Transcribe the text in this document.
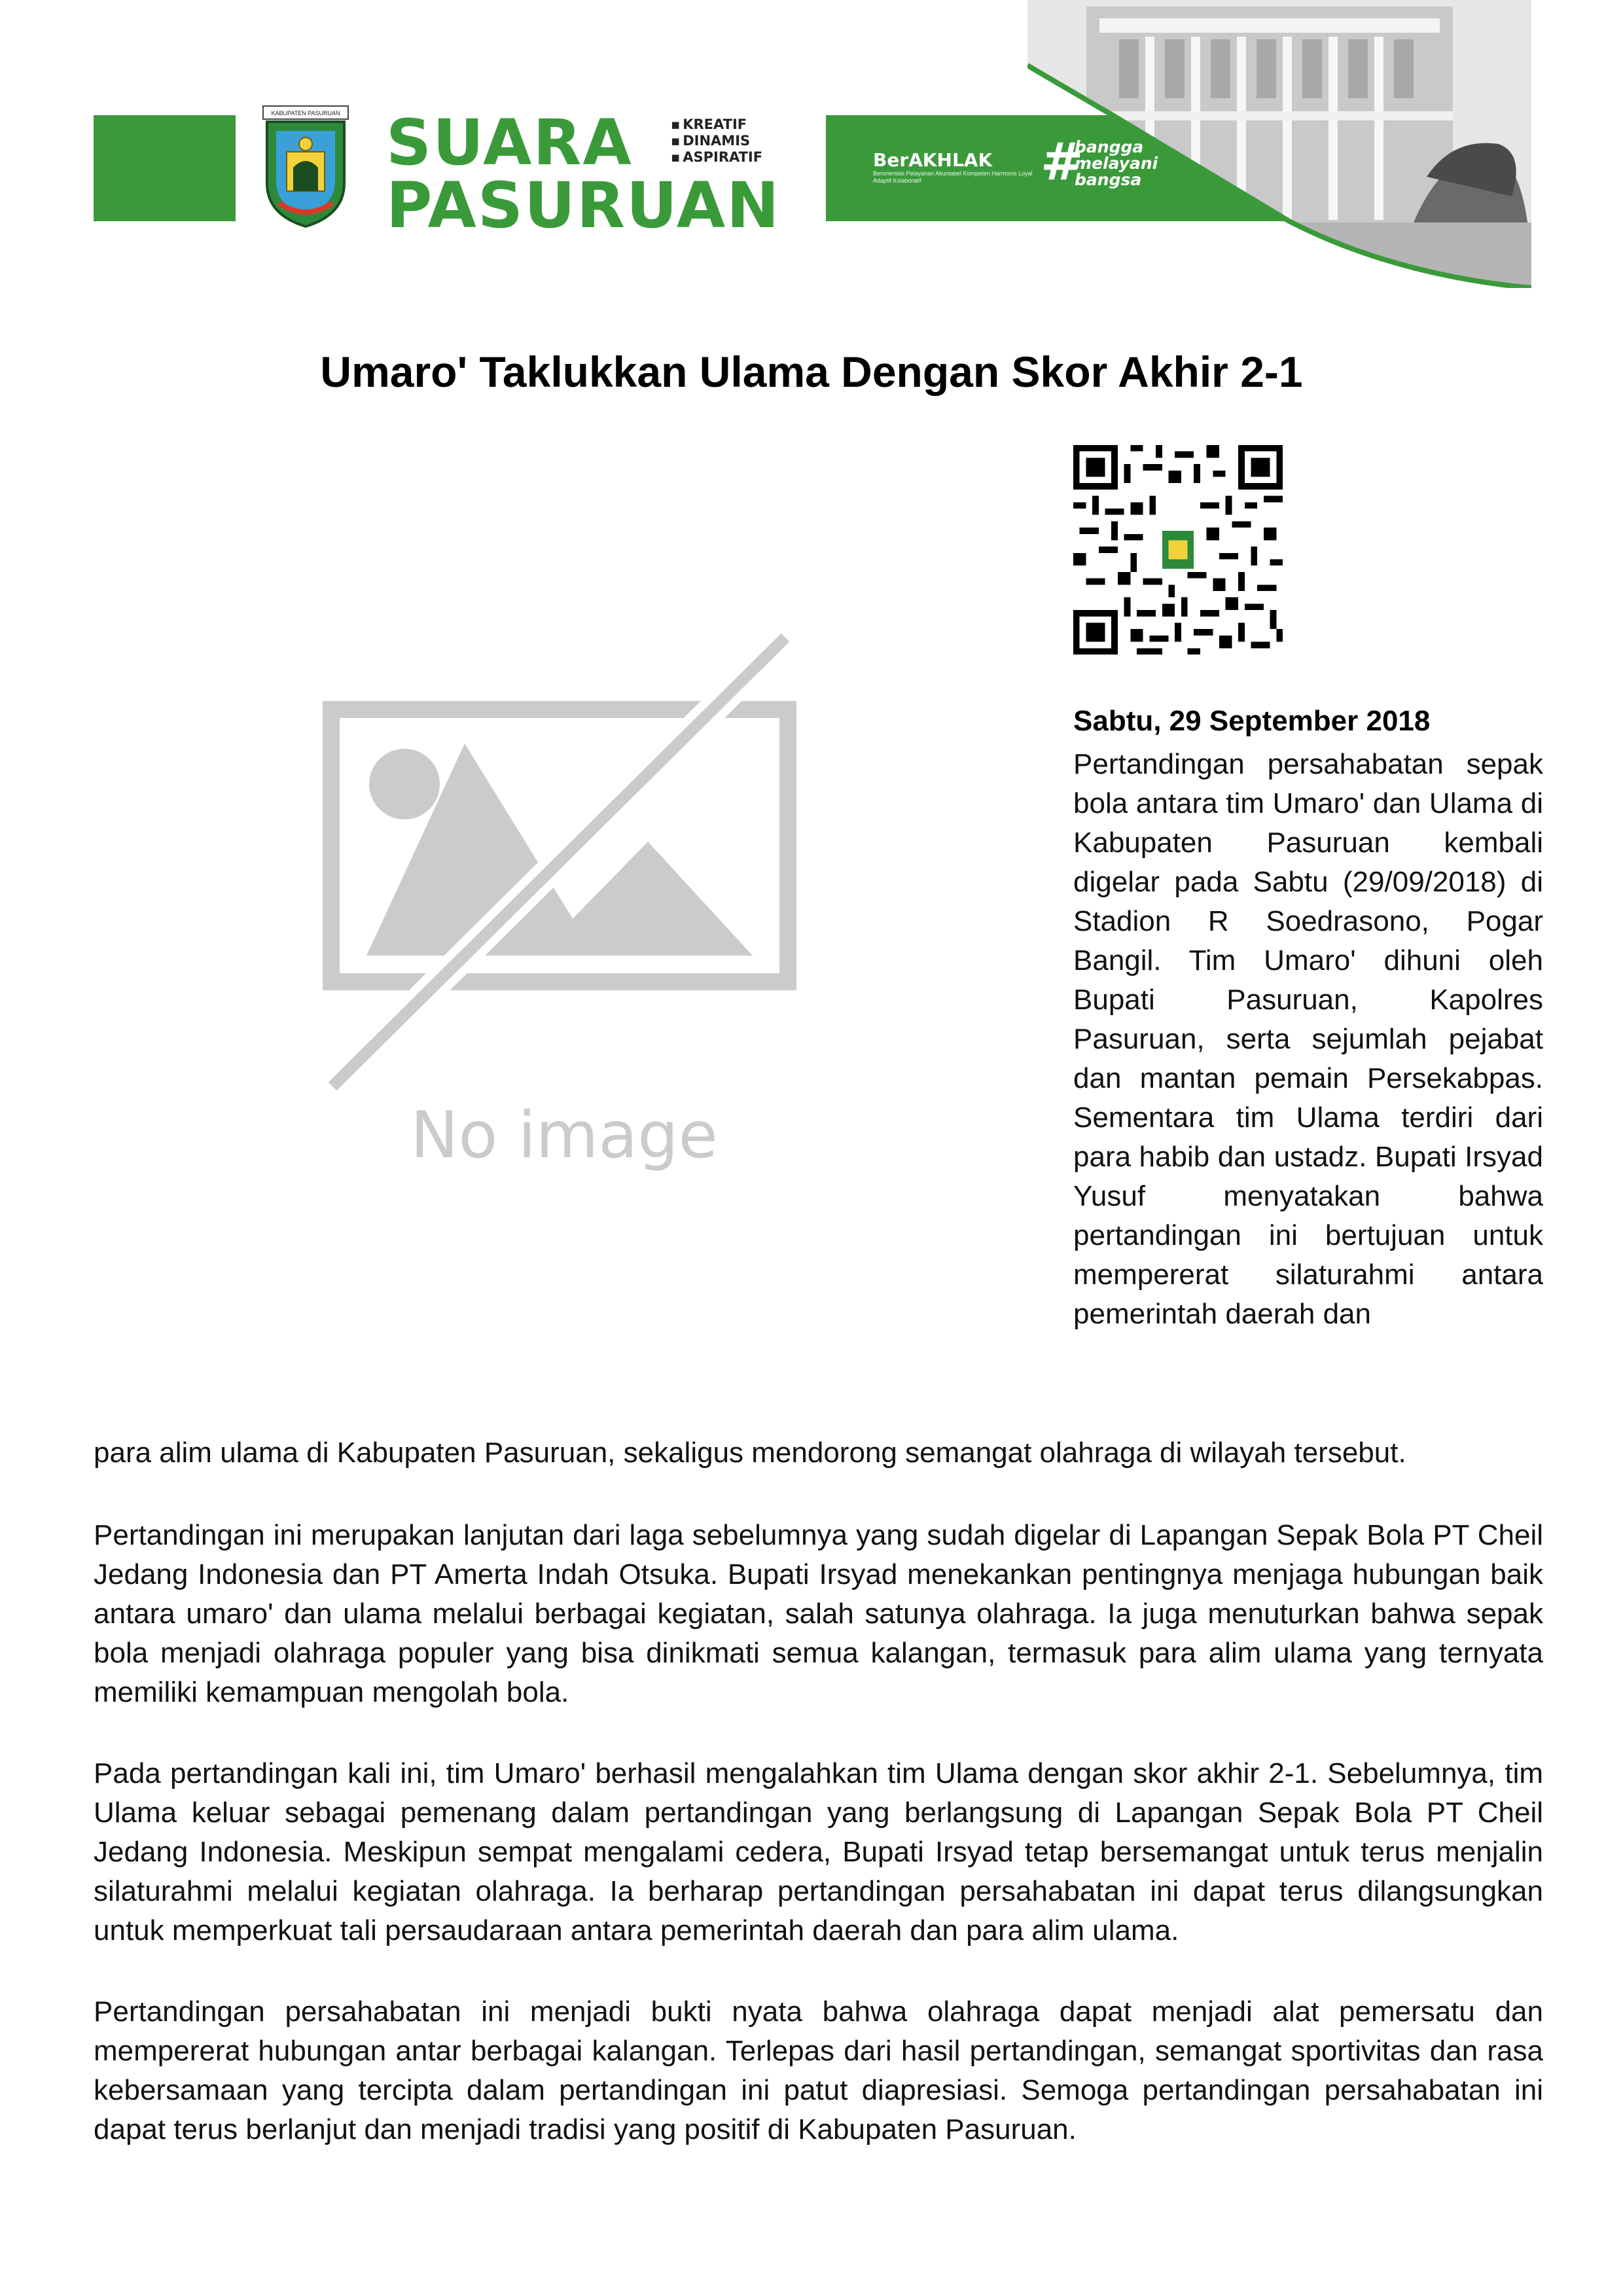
KABUPATEN PASURUAN SUARA
PASURUAN
▪ KREATIF
▪ DINAMIS
▪ ASPIRATIF	BerAKHLAK
Berorientasi Pelayanan Akuntabel Kompeten Harmonis Loyal Adaptif Kolaboratif	#
bangga
melayani
bangsa
Umaro' Taklukkan Ulama Dengan Skor Akhir 2-1
No image
Sabtu, 29 September 2018

Pertandingan persahabatan sepak bola antara tim Umaro' dan Ulama di Kabupaten Pasuruan kembali digelar pada Sabtu (29/09/2018) di Stadion R Soedrasono, Pogar Bangil. Tim Umaro' dihuni oleh Bupati Pasuruan, Kapolres Pasuruan, serta sejumlah pejabat dan mantan pemain Persekabpas. Sementara tim Ulama terdiri dari para habib dan ustadz. Bupati Irsyad Yusuf menyatakan bahwa pertandingan ini bertujuan untuk mempererat silaturahmi antara pemerintah daerah dan

para alim ulama di Kabupaten Pasuruan, sekaligus mendorong semangat olahraga di wilayah tersebut.

Pertandingan ini merupakan lanjutan dari laga sebelumnya yang sudah digelar di Lapangan Sepak Bola PT Cheil Jedang Indonesia dan PT Amerta Indah Otsuka. Bupati Irsyad menekankan pentingnya menjaga hubungan baik antara umaro' dan ulama melalui berbagai kegiatan, salah satunya olahraga. Ia juga menuturkan bahwa sepak bola menjadi olahraga populer yang bisa dinikmati semua kalangan, termasuk para alim ulama yang ternyata memiliki kemampuan mengolah bola.

Pada pertandingan kali ini, tim Umaro' berhasil mengalahkan tim Ulama dengan skor akhir 2-1. Sebelumnya, tim Ulama keluar sebagai pemenang dalam pertandingan yang berlangsung di Lapangan Sepak Bola PT Cheil Jedang Indonesia. Meskipun sempat mengalami cedera, Bupati Irsyad tetap bersemangat untuk terus menjalin silaturahmi melalui kegiatan olahraga. Ia berharap pertandingan persahabatan ini dapat terus dilangsungkan untuk memperkuat tali persaudaraan antara pemerintah daerah dan para alim ulama.

Pertandingan persahabatan ini menjadi bukti nyata bahwa olahraga dapat menjadi alat pemersatu dan mempererat hubungan antar berbagai kalangan. Terlepas dari hasil pertandingan, semangat sportivitas dan rasa kebersamaan yang tercipta dalam pertandingan ini patut diapresiasi. Semoga pertandingan persahabatan ini dapat terus berlanjut dan menjadi tradisi yang positif di Kabupaten Pasuruan.
